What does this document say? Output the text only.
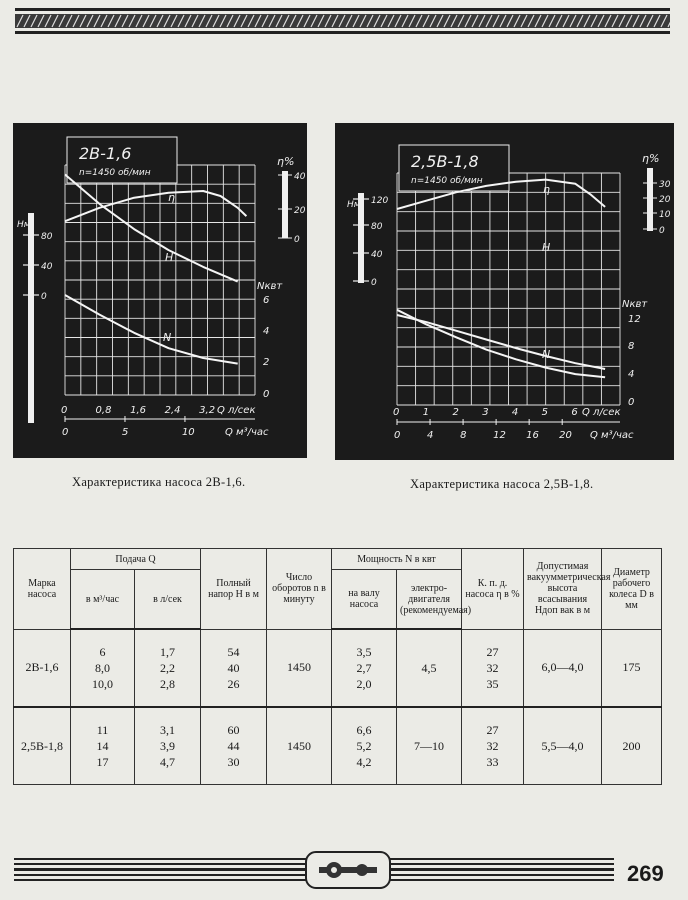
2В-1,6
n=1450 об/мин
Hм
0
40
80
η%
0
20
40
Nквт
0
2
4
6
0	0,8 1,6 2,4 3,2 Q л/сек
0	5	10	Q м³/час
η
H
N
2,5В-1,8
n=1450 об/мин
Hм
0
40
80
120
η%
0
10
20
30
Nквт
0
4
8
12
0 1 2 3 4 5 6 Q л/сек
0	4	8	12 16 20 Q м³/час
η
H
N
Характеристика насоса 2В-1,6.	Характеристика насоса 2,5В-1,8.
Марка насоса	Подача Q		Полный напор H в м	Число оборотов n в минуту	Мощность N в квт		К. п. д. насоса η в %	Допустимая вакуумметрическая высота всасывания Hдоп вак в м	Диаметр рабочего колеса D в мм
	в м³/час	в л/сек			на валу насоса	электро-двигателя (рекомендуемая)			
2В-1,6	6
8,0
10,0	1,7
2,2
2,8	54
40
26	1450	3,5
2,7
2,0	4,5	27
32
35	6,0—4,0	175
2,5В-1,8	11
14
17	3,1
3,9
4,7	60
44
30	1450	6,6
5,2
4,2	7—10	27
32
33	5,5—4,0	200
269
